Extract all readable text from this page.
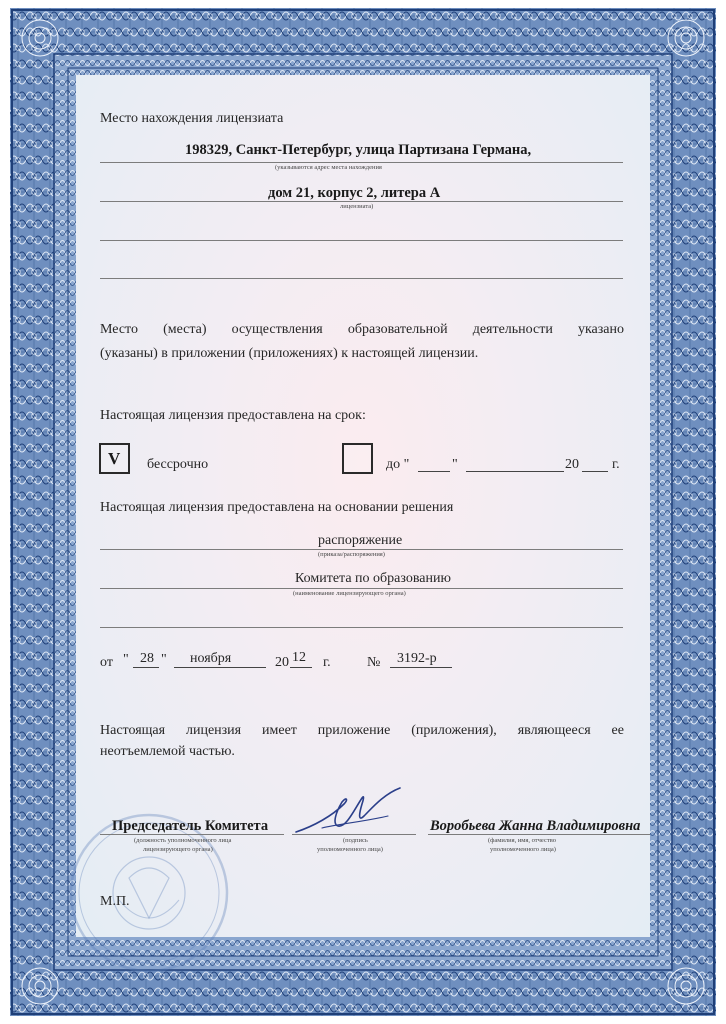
Место нахождения лицензиата
198329, Санкт-Петербург, улица Партизана Германа,
(указываются адрес места нахождения
дом 21, корпус 2, литера А
лицензиата)
Место (места) осуществления образовательной деятельности указано
(указаны) в приложении (приложениях) к настоящей лицензии.
Настоящая лицензия предоставлена на срок:
V бессрочно	до "	"	20 г.
Настоящая лицензия предоставлена на основании решения
распоряжение
(приказа/распоряжения)
Комитета по образованию
(наименование лицензирующего органа)
от " 28 " ноября	20 12 г.	№ 3192-р
Настоящая лицензия имеет приложение (приложения), являющееся ее
неотъемлемой частью.
Председатель Комитета
(должность уполномоченного лица
лицензирующего органа)
(подпись
уполномоченного лица)
Воробьева Жанна Владимировна
(фамилия, имя, отчество
уполномоченного лица)
М.П.
